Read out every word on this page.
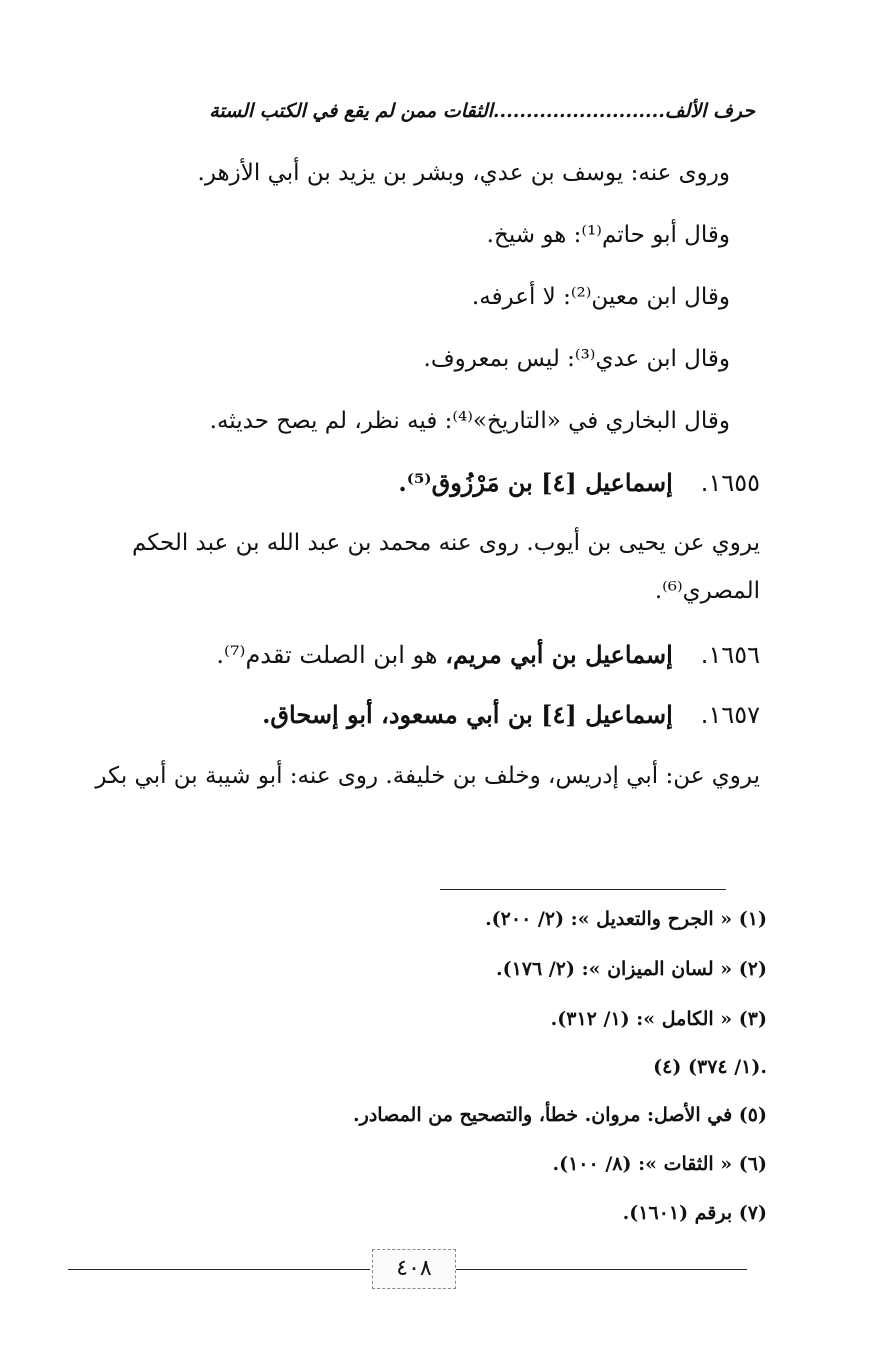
حرف الألف..........................الثقات ممن لم يقع في الكتب الستة
وروى عنه: يوسف بن عدي، وبشر بن يزيد بن أبي الأزهر.
وقال أبو حاتم⁽¹⁾: هو شيخ.
وقال ابن معين⁽²⁾: لا أعرفه.
وقال ابن عدي⁽³⁾: ليس بمعروف.
وقال البخاري في «التاريخ»⁽⁴⁾: فيه نظر، لم يصح حديثه.
١٦٥٥.إسماعيل [٤] بن مَرْزُوق⁽⁵⁾.
يروي عن يحيى بن أيوب. روى عنه محمد بن عبد الله بن عبد الحكم
المصري⁽⁶⁾.
١٦٥٦.إسماعيل بن أبي مريم، هو ابن الصلت تقدم⁽⁷⁾.
١٦٥٧.إسماعيل [٤] بن أبي مسعود، أبو إسحاق.
يروي عن: أبي إدريس، وخلف بن خليفة. روى عنه: أبو شيبة بن أبي بكر
(١) « الجرح والتعديل »: (٢/ ٢٠٠).
(٢) « لسان الميزان »: (٢/ ١٧٦).
(٣) « الكامل »: (١/ ٣١٢).
(٤) (١/ ٣٧٤).
(٥) في الأصل: مروان. خطأ، والتصحيح من المصادر.
(٦) « الثقات »: (٨/ ١٠٠).
(٧) برقم (١٦٠١).
٤٠٨
